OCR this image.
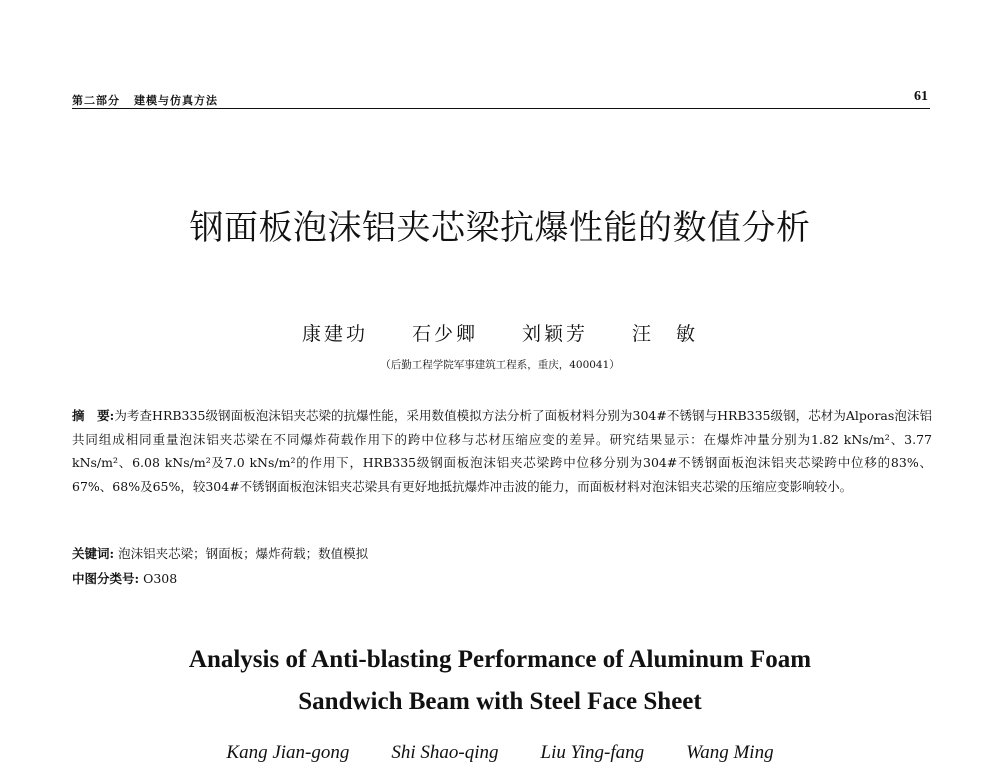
第二部分 建模与仿真方法	61
钢面板泡沫铝夹芯梁抗爆性能的数值分析
康建功 石少卿 刘颖芳 汪　敏
（后勤工程学院军事建筑工程系，重庆，400041）
摘　要:为考查HRB335级钢面板泡沫铝夹芯梁的抗爆性能，采用数值模拟方法分析了面板材料分别为304#不锈钢与HRB335级钢，芯材为Alporas泡沫铝共同组成相同重量泡沫铝夹芯梁在不同爆炸荷载作用下的跨中位移与芯材压缩应变的差异。研究结果显示：在爆炸冲量分别为1.82 kNs/m²、3.77 kNs/m²、6.08 kNs/m²及7.0 kNs/m²的作用下，HRB335级钢面板泡沫铝夹芯梁跨中位移分别为304#不锈钢面板泡沫铝夹芯梁跨中位移的83%、67%、68%及65%，较304#不锈钢面板泡沫铝夹芯梁具有更好地抵抗爆炸冲击波的能力，而面板材料对泡沫铝夹芯梁的压缩应变影响较小。
关键词: 泡沫铝夹芯梁；钢面板；爆炸荷载；数值模拟
中图分类号: O308
Analysis of Anti-blasting Performance of Aluminum Foam
Sandwich Beam with Steel Face Sheet
Kang Jian-gong Shi Shao-qing Liu Ying-fang Wang Ming
